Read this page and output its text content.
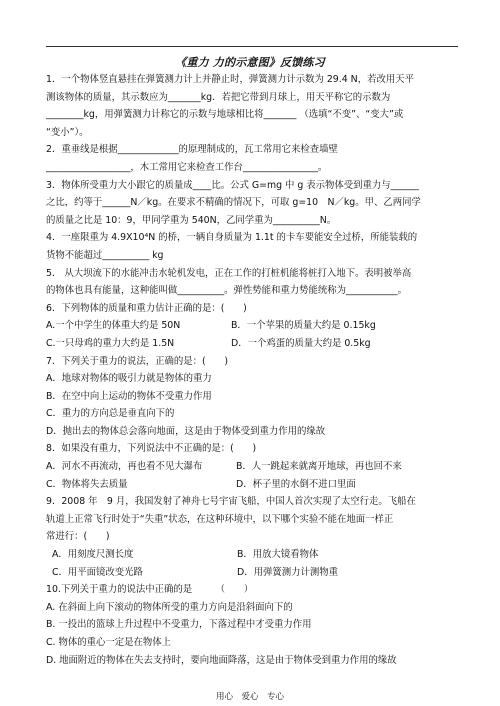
《重力 力的示意图》反馈练习
1．一个物体竖直悬挂在弹簧测力计上并静止时，弹簧测力计示数为 29.4 N，若改用天平
测该物体的质量，其示数应为_______kg．若把它带到月球上，用天平称它的示数为
________kg，用弹簧测力计称它的示数与地球相比将_______ （选填“不变”、“变大”或
“变小”）。
2．重垂线是根据_____________的原理制成的，瓦工常用它来检查墙壁
__________________，木工常用它来检查工作台________________。
3．物体所受重力大小跟它的质量成____比。公式 G=mg 中 g 表示物体受到重力与______
之比，约等于______N／kg。在要求不精确的情况下，可取 g=10　N／kg。甲、乙两同学
的质量之比是 10：9，甲同学重为 540N，乙同学重为__________N。
4．一座限重为 4.9X10⁴N 的桥，一辆自身质量为 1.1t 的卡车要能安全过桥，所能装载的
货物不能超过__________ kg
5． 从大坝流下的水能冲击水轮机发电，正在工作的打桩机能将桩打入地下。表明被举高
的物体也具有能量，这种能叫做__________。弹性势能和重力势能统称为___________。
6．下列物体的质量和重力估计正确的是：(　　)
A.一个中学生的体重大约是 50N	B．一个苹果的质量大约是 0.15kg
C.一只母鸡的重力大约是 1.5N	D．一个鸡蛋的质量大约是 0.5kg
7．下列关于重力的说法，正确的是：(　　)
A．地球对物体的吸引力就是物体的重力
B．在空中向上运动的物体不受重力作用
C．重力的方向总是垂直向下的
D．抛出去的物体总会落向地面，这是由于物体受到重力作用的缘故
8．如果没有重力，下列说法中不正确的是：(　　)
A．河水不再流动，再也看不见大瀑布	B．人一跳起来就离开地球，再也回不来
C．物体将失去质量	D．杯子里的水倒不进口里面
9．2008 年　9 月，我国发射了神舟七号宇宙飞船，中国人首次实现了太空行走。飞船在
轨道上正常飞行时处于“失重”状态，在这种环境中，以下哪个实验不能在地面一样正
常进行：(　　)
A．用刻度尺测长度	B．用放大镜看物体
C．用平面镜改变光路	D．用弹簧测力计测物重
10.下列关于重力的说法中正确的是　　　（　　）
A. 在斜面上向下滚动的物体所受的重力方向是沿斜面向下的
B. 一投出的篮球上升过程中不受重力，下落过程中才受重力作用
C. 物体的重心一定是在物体上
D. 地面附近的物体在失去支持时，要向地面降落，这是由于物体受到重力作用的缘故
用心　爱心　专心
